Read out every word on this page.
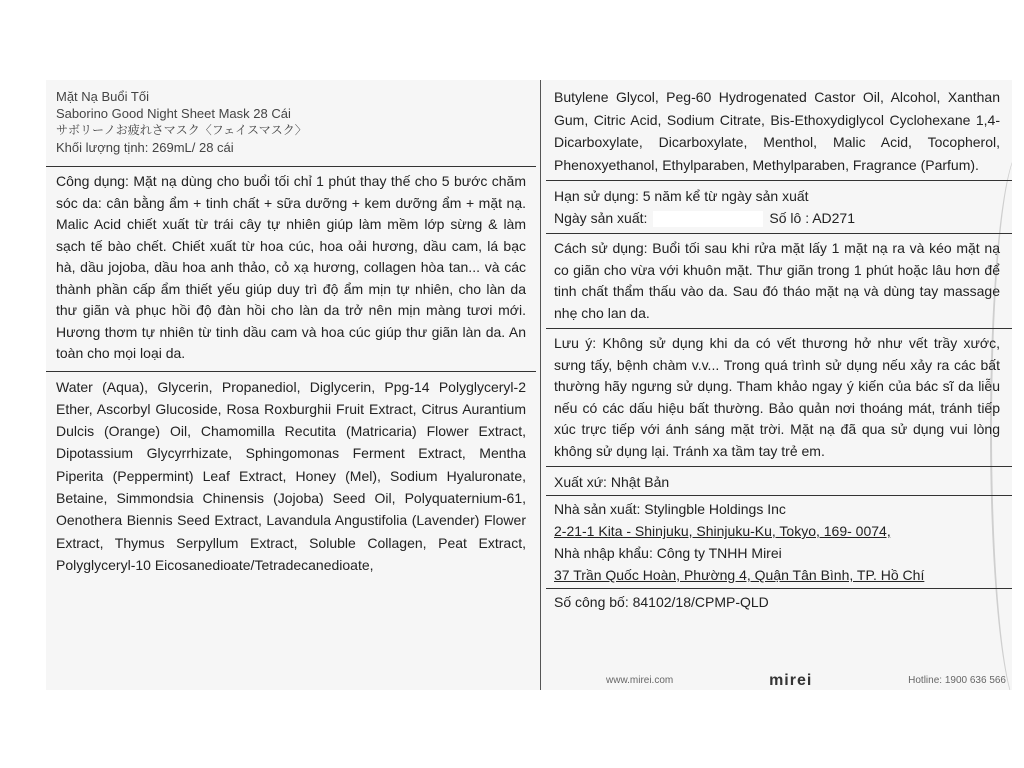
Mặt Nạ Buổi Tối
Saborino Good Night Sheet Mask 28 Cái
サボリーノお疲れさマスク〈フェイスマスク〉
Khối lượng tịnh: 269mL/ 28 cái
Công dụng: Mặt nạ dùng cho buổi tối chỉ 1 phút thay thế cho 5 bước chăm sóc da: cân bằng ẩm + tinh chất + sữa dưỡng + kem dưỡng ẩm + mặt nạ. Malic Acid chiết xuất từ trái cây tự nhiên giúp làm mềm lớp sừng & làm sạch tế bào chết. Chiết xuất từ hoa cúc, hoa oải hương, dầu cam, lá bạc hà, dầu jojoba, dầu hoa anh thảo, cỏ xạ hương, collagen hòa tan... và các thành phần cấp ẩm thiết yếu giúp duy trì độ ẩm mịn tự nhiên, cho làn da thư giãn và phục hồi độ đàn hồi cho làn da trở nên mịn màng tươi mới. Hương thơm tự nhiên từ tinh dầu cam và hoa cúc giúp thư giãn làn da. An toàn cho mọi loại da.
Water (Aqua), Glycerin, Propanediol, Diglycerin, Ppg-14 Polyglyceryl-2 Ether, Ascorbyl Glucoside, Rosa Roxburghii Fruit Extract, Citrus Aurantium Dulcis (Orange) Oil, Chamomilla Recutita (Matricaria) Flower Extract, Dipotassium Glycyrrhizate, Sphingomonas Ferment Extract, Mentha Piperita (Peppermint) Leaf Extract, Honey (Mel), Sodium Hyaluronate, Betaine, Simmondsia Chinensis (Jojoba) Seed Oil, Polyquaternium-61, Oenothera Biennis Seed Extract, Lavandula Angustifolia (Lavender) Flower Extract, Thymus Serpyllum Extract, Soluble Collagen, Peat Extract, Polyglyceryl-10 Eicosanedioate/Tetradecanedioate,
Butylene Glycol, Peg-60 Hydrogenated Castor Oil, Alcohol, Xanthan Gum, Citric Acid, Sodium Citrate, Bis-Ethoxydiglycol Cyclohexane 1,4-Dicarboxylate, Dicarboxylate, Menthol, Malic Acid, Tocopherol, Phenoxyethanol, Ethylparaben, Methylparaben, Fragrance (Parfum).
Hạn sử dụng: 5 năm kể từ ngày sản xuất
Ngày sản xuất:	Số lô : AD271
Cách sử dụng: Buổi tối sau khi rửa mặt lấy 1 mặt nạ ra và kéo mặt nạ co giãn cho vừa với khuôn mặt. Thư giãn trong 1 phút hoặc lâu hơn để tinh chất thẩm thấu vào da. Sau đó tháo mặt nạ và dùng tay massage nhẹ cho lan da.
Lưu ý: Không sử dụng khi da có vết thương hở như vết trầy xước, sưng tấy, bệnh chàm v.v... Trong quá trình sử dụng nếu xảy ra các bất thường hãy ngưng sử dụng. Tham khảo ngay ý kiến của bác sĩ da liễu nếu có các dấu hiệu bất thường. Bảo quản nơi thoáng mát, tránh tiếp xúc trực tiếp với ánh sáng mặt trời. Mặt nạ đã qua sử dụng vui lòng không sử dụng lại. Tránh xa tầm tay trẻ em.
Xuất xứ: Nhật Bản
Nhà sản xuất: Stylingble Holdings Inc
2-21-1 Kita - Shinjuku, Shinjuku-Ku, Tokyo, 169- 0074,
Nhà nhập khẩu: Công ty TNHH Mirei
37 Trần Quốc Hoàn, Phường 4, Quận Tân Bình, TP. Hồ Chí
Số công bố: 84102/18/CPMP-QLD
www.mirei.com	mirei	Hotline: 1900 636 566
